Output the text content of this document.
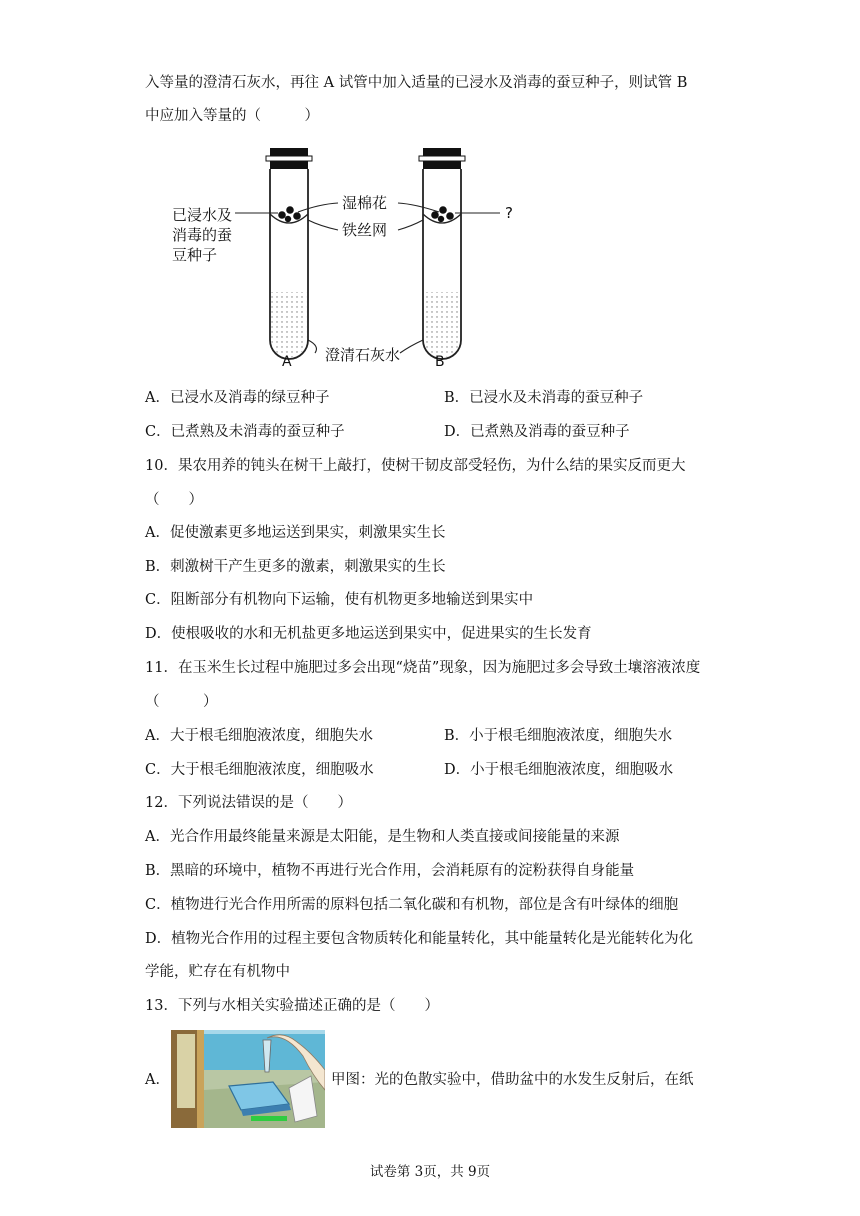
入等量的澄清石灰水，再往 A 试管中加入适量的已浸水及消毒的蚕豆种子，则试管 B
中应加入等量的（　　　）
已浸水及
消毒的蚕
豆种子
湿棉花
铁丝网
?
澄清石灰水
A	B
A．已浸水及消毒的绿豆种子	B．已浸水及未消毒的蚕豆种子
C．已煮熟及未消毒的蚕豆种子	D．已煮熟及消毒的蚕豆种子
10．果农用养的钝头在树干上敲打，使树干韧皮部受轻伤，为什么结的果实反而更大
（　　）
A．促使激素更多地运送到果实，刺激果实生长
B．刺激树干产生更多的激素，刺激果实的生长
C．阻断部分有机物向下运输，使有机物更多地输送到果实中
D．使根吸收的水和无机盐更多地运送到果实中，促进果实的生长发育
11．在玉米生长过程中施肥过多会出现“烧苗”现象，因为施肥过多会导致土壤溶液浓度
（　　　）
A．大于根毛细胞液浓度，细胞失水	B．小于根毛细胞液浓度，细胞失水
C．大于根毛细胞液浓度，细胞吸水	D．小于根毛细胞液浓度，细胞吸水
12．下列说法错误的是（　　）
A．光合作用最终能量来源是太阳能，是生物和人类直接或间接能量的来源
B．黑暗的环境中，植物不再进行光合作用，会消耗原有的淀粉获得自身能量
C．植物进行光合作用所需的原料包括二氧化碳和有机物，部位是含有叶绿体的细胞
D．植物光合作用的过程主要包含物质转化和能量转化，其中能量转化是光能转化为化
学能，贮存在有机物中
13．下列与水相关实验描述正确的是（　　）
A．	甲图：光的色散实验中，借助盆中的水发生反射后，在纸
试卷第 3页，共 9页
